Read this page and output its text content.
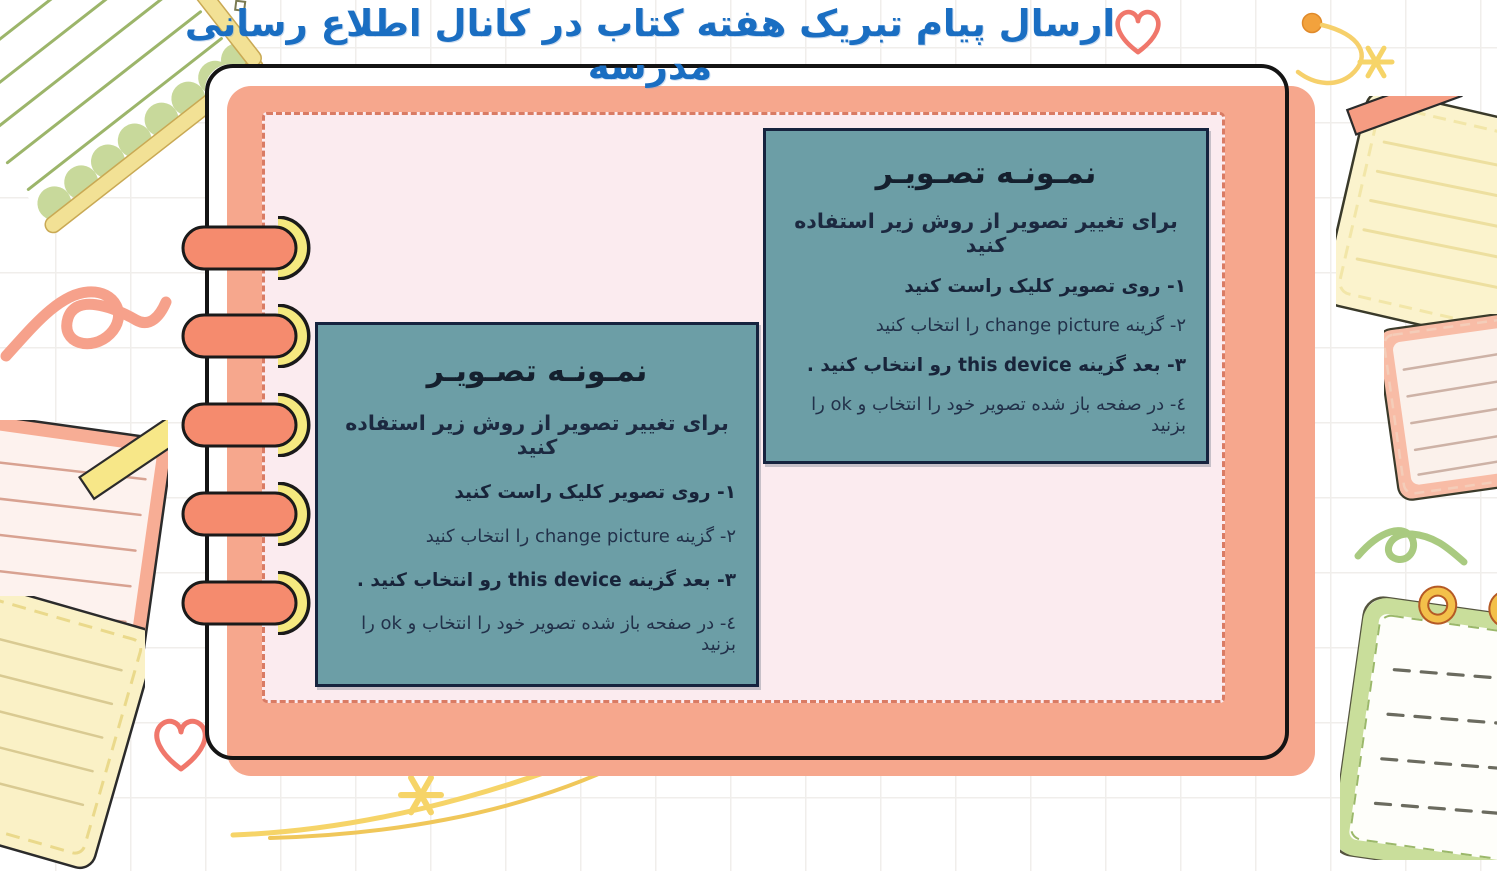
ارسال پیام تبریک هفته کتاب در کانال اطلاع رسانی مدرسه
نمـونـه تصـویـر
برای تغییر تصویر از روش زیر استفاده کنید
۱- روی تصویر کلیک راست کنید
۲- گزینه change picture را انتخاب کنید
۳- بعد گزینه this device رو انتخاب کنید .
٤- در صفحه باز شده تصویر خود را انتخاب و ok را بزنید
نمـونـه تصـویـر
برای تغییر تصویر از روش زیر استفاده کنید
۱- روی تصویر کلیک راست کنید
۲- گزینه change picture را انتخاب کنید
۳- بعد گزینه this device رو انتخاب کنید .
٤- در صفحه باز شده تصویر خود را انتخاب و ok را بزنید
